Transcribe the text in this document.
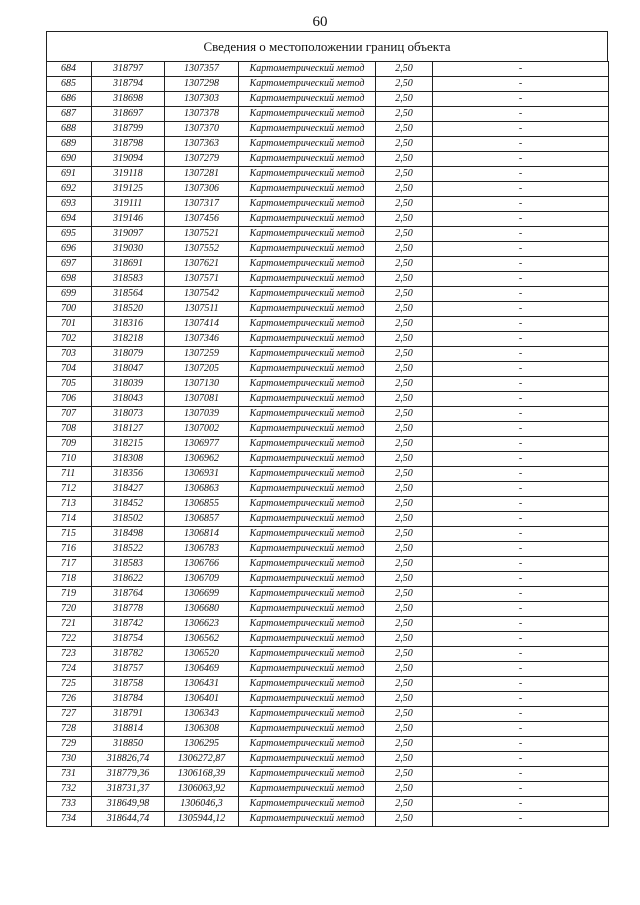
60
Сведения о местоположении границ объекта
684	318797	1307357	Картометрический метод	2,50	-
685	318794	1307298	Картометрический метод	2,50	-
686	318698	1307303	Картометрический метод	2,50	-
687	318697	1307378	Картометрический метод	2,50	-
688	318799	1307370	Картометрический метод	2,50	-
689	318798	1307363	Картометрический метод	2,50	-
690	319094	1307279	Картометрический метод	2,50	-
691	319118	1307281	Картометрический метод	2,50	-
692	319125	1307306	Картометрический метод	2,50	-
693	319111	1307317	Картометрический метод	2,50	-
694	319146	1307456	Картометрический метод	2,50	-
695	319097	1307521	Картометрический метод	2,50	-
696	319030	1307552	Картометрический метод	2,50	-
697	318691	1307621	Картометрический метод	2,50	-
698	318583	1307571	Картометрический метод	2,50	-
699	318564	1307542	Картометрический метод	2,50	-
700	318520	1307511	Картометрический метод	2,50	-
701	318316	1307414	Картометрический метод	2,50	-
702	318218	1307346	Картометрический метод	2,50	-
703	318079	1307259	Картометрический метод	2,50	-
704	318047	1307205	Картометрический метод	2,50	-
705	318039	1307130	Картометрический метод	2,50	-
706	318043	1307081	Картометрический метод	2,50	-
707	318073	1307039	Картометрический метод	2,50	-
708	318127	1307002	Картометрический метод	2,50	-
709	318215	1306977	Картометрический метод	2,50	-
710	318308	1306962	Картометрический метод	2,50	-
711	318356	1306931	Картометрический метод	2,50	-
712	318427	1306863	Картометрический метод	2,50	-
713	318452	1306855	Картометрический метод	2,50	-
714	318502	1306857	Картометрический метод	2,50	-
715	318498	1306814	Картометрический метод	2,50	-
716	318522	1306783	Картометрический метод	2,50	-
717	318583	1306766	Картометрический метод	2,50	-
718	318622	1306709	Картометрический метод	2,50	-
719	318764	1306699	Картометрический метод	2,50	-
720	318778	1306680	Картометрический метод	2,50	-
721	318742	1306623	Картометрический метод	2,50	-
722	318754	1306562	Картометрический метод	2,50	-
723	318782	1306520	Картометрический метод	2,50	-
724	318757	1306469	Картометрический метод	2,50	-
725	318758	1306431	Картометрический метод	2,50	-
726	318784	1306401	Картометрический метод	2,50	-
727	318791	1306343	Картометрический метод	2,50	-
728	318814	1306308	Картометрический метод	2,50	-
729	318850	1306295	Картометрический метод	2,50	-
730	318826,74	1306272,87	Картометрический метод	2,50	-
731	318779,36	1306168,39	Картометрический метод	2,50	-
732	318731,37	1306063,92	Картометрический метод	2,50	-
733	318649,98	1306046,3	Картометрический метод	2,50	-
734	318644,74	1305944,12	Картометрический метод	2,50	-
